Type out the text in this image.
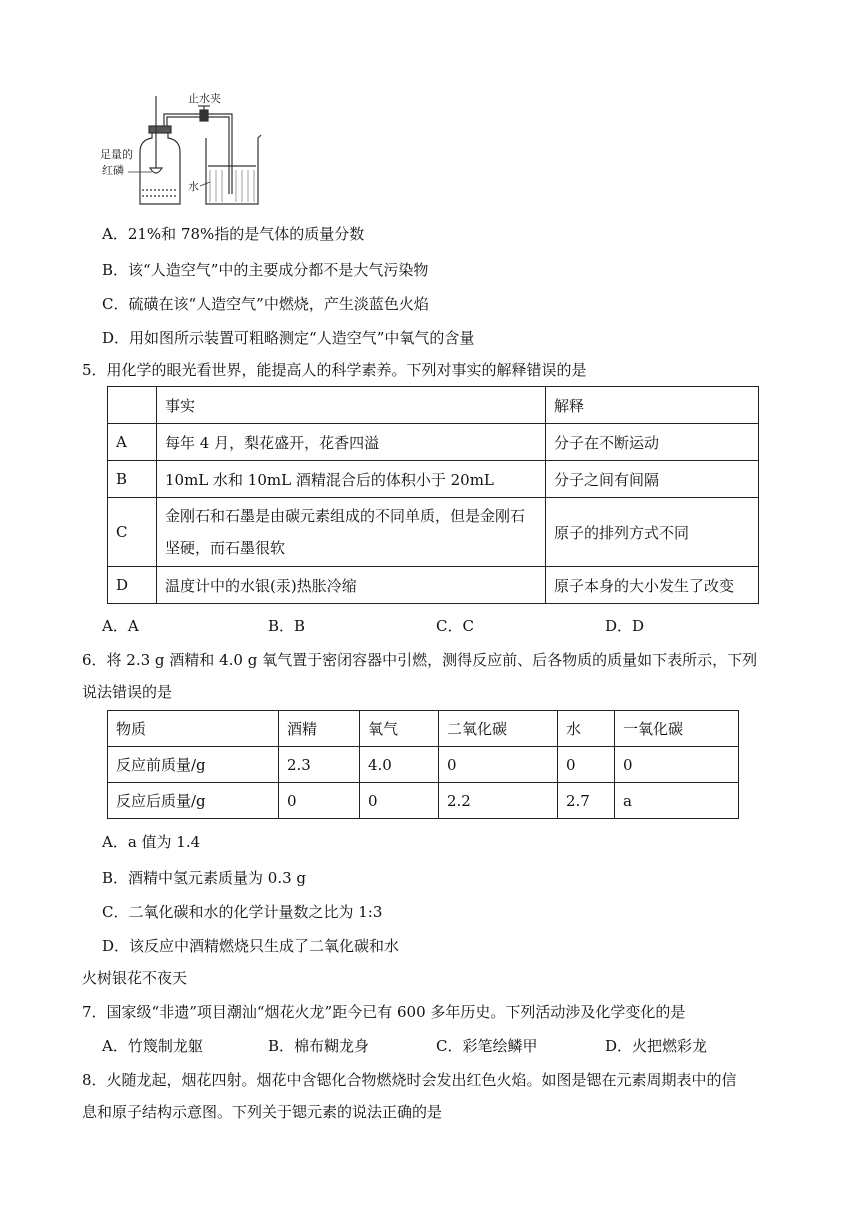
止水夹
足量的
红磷
水
A．21%和 78%指的是气体的质量分数
B．该“人造空气”中的主要成分都不是大气污染物
C．硫磺在该“人造空气”中燃烧，产生淡蓝色火焰
D．用如图所示装置可粗略测定“人造空气”中氧气的含量
5．用化学的眼光看世界，能提高人的科学素养。下列对事实的解释错误的是
	事实	解释
A	每年 4 月，梨花盛开，花香四溢	分子在不断运动
B	10mL 水和 10mL 酒精混合后的体积小于 20mL	分子之间有间隔
C	金刚石和石墨是由碳元素组成的不同单质，但是金刚石
坚硬，而石墨很软	原子的排列方式不同
D	温度计中的水银(汞)热胀冷缩	原子本身的大小发生了改变
A．A	B．B	C．C	D．D
6．将 2.3 g 酒精和 4.0 g 氧气置于密闭容器中引燃，测得反应前、后各物质的质量如下表所示，下列
说法错误的是
物质	酒精	氧气	二氧化碳	水	一氧化碳
反应前质量/g	2.3	4.0	0	0	0
反应后质量/g	0	0	2.2	2.7	a
A．a 值为 1.4
B．酒精中氢元素质量为 0.3 g
C．二氧化碳和水的化学计量数之比为 1:3
D．该反应中酒精燃烧只生成了二氧化碳和水
火树银花不夜天
7．国家级“非遗”项目潮汕“烟花火龙”距今已有 600 多年历史。下列活动涉及化学变化的是
A．竹篾制龙躯	B．棉布糊龙身	C．彩笔绘鳞甲	D．火把燃彩龙
8．火随龙起，烟花四射。烟花中含锶化合物燃烧时会发出红色火焰。如图是锶在元素周期表中的信
息和原子结构示意图。下列关于锶元素的说法正确的是
